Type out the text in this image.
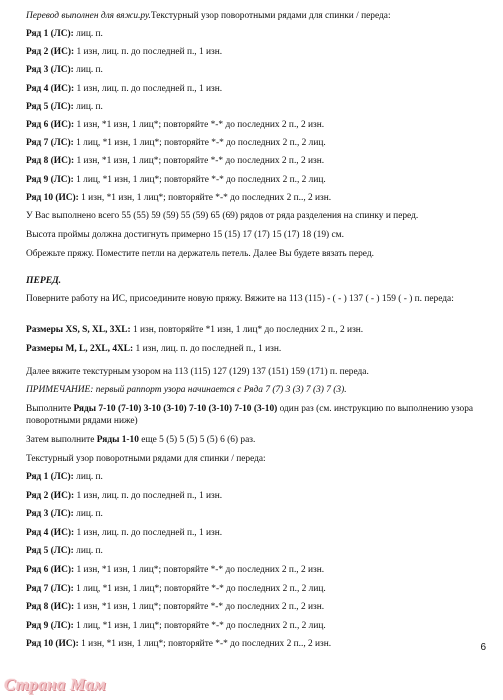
Перевод выполнен для вяжи.ру.Текстурный узор поворотными рядами для спинки / переда:
Ряд 1 (ЛС): лиц. п.
Ряд 2 (ИС): 1 изн, лиц. п. до последней п., 1 изн.
Ряд 3 (ЛС): лиц. п.
Ряд 4 (ИС): 1 изн, лиц. п. до последней п., 1 изн.
Ряд 5 (ЛС): лиц. п.
Ряд 6 (ИС): 1 изн, *1 изн, 1 лиц*; повторяйте *-* до последних 2 п., 2 изн.
Ряд 7 (ЛС): 1 лиц, *1 изн, 1 лиц*; повторяйте *-* до последних 2 п., 2 лиц.
Ряд 8 (ИС): 1 изн, *1 изн, 1 лиц*; повторяйте *-* до последних 2 п., 2 изн.
Ряд 9 (ЛС): 1 лиц, *1 изн, 1 лиц*; повторяйте *-* до последних 2 п., 2 лиц.
Ряд 10 (ИС): 1 изн, *1 изн, 1 лиц*; повторяйте *-* до последних 2 п.., 2 изн.
У Вас выполнено всего 55 (55) 59 (59) 55 (59) 65 (69) рядов от ряда разделения на спинку и перед.
Высота проймы должна достигнуть примерно 15 (15) 17 (17) 15 (17) 18 (19) см.
Обрежьте пряжу. Поместите петли на держатель петель. Далее Вы будете вязать перед.
ПЕРЕД.
Поверните работу на ИС, присоедините новую пряжу. Вяжите на 113 (115) - ( - ) 137 ( - ) 159 ( - ) п. переда:
Размеры XS, S, XL, 3XL: 1 изн, повторяйте *1 изн, 1 лиц* до последних 2 п., 2 изн.
Размеры M, L, 2XL, 4XL: 1 изн, лиц. п. до последней п., 1 изн.
Далее вяжите текстурным узором на 113 (115) 127 (129) 137 (151) 159 (171) п. переда.
ПРИМЕЧАНИЕ: первый раппорт узора начинается с Ряда 7 (7) 3 (3) 7 (3) 7 (3).
Выполните Ряды 7-10 (7-10) 3-10 (3-10) 7-10 (3-10) 7-10 (3-10) один раз (см. инструкцию по выполнению узора поворотными рядами ниже)
Затем выполните Ряды 1-10 еще 5 (5) 5 (5) 5 (5) 6 (6) раз.
Текстурный узор поворотными рядами для спинки / переда:
Ряд 1 (ЛС): лиц. п.
Ряд 2 (ИС): 1 изн, лиц. п. до последней п., 1 изн.
Ряд 3 (ЛС): лиц. п.
Ряд 4 (ИС): 1 изн, лиц. п. до последней п., 1 изн.
Ряд 5 (ЛС): лиц. п.
Ряд 6 (ИС): 1 изн, *1 изн, 1 лиц*; повторяйте *-* до последних 2 п., 2 изн.
Ряд 7 (ЛС): 1 лиц, *1 изн, 1 лиц*; повторяйте *-* до последних 2 п., 2 лиц.
Ряд 8 (ИС): 1 изн, *1 изн, 1 лиц*; повторяйте *-* до последних 2 п., 2 изн.
Ряд 9 (ЛС): 1 лиц, *1 изн, 1 лиц*; повторяйте *-* до последних 2 п., 2 лиц.
Ряд 10 (ИС): 1 изн, *1 изн, 1 лиц*; повторяйте *-* до последних 2 п.., 2 изн.	6
Страна Мам
